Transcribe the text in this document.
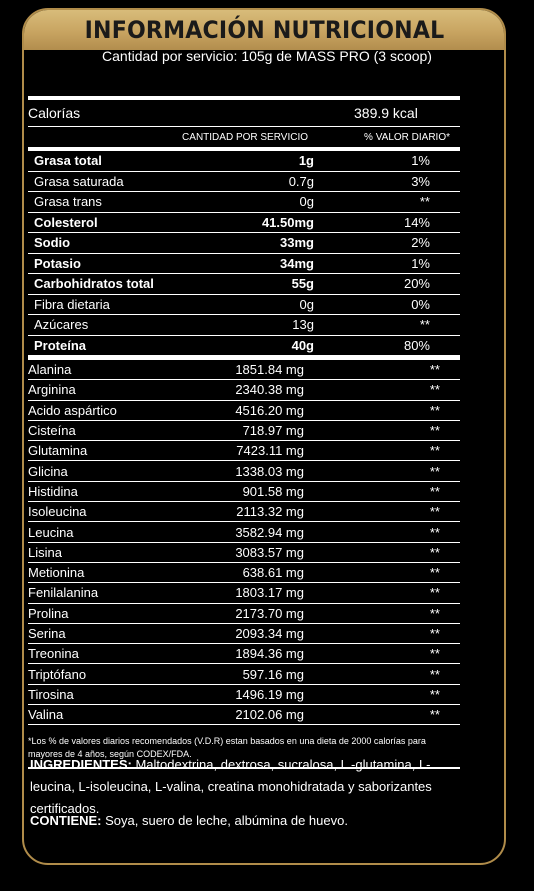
INFORMACIÓN NUTRICIONAL
Cantidad por servicio: 105g de MASS PRO (3 scoop)
Calorías	389.9 kcal
CANTIDAD POR SERVICIO	% VALOR DIARIO*
Grasa total	1g	1%
Grasa saturada	0.7g	3%
Grasa trans	0g	**
Colesterol	41.50mg	14%
Sodio	33mg	2%
Potasio	34mg	1%
Carbohidratos total	55g	20%
Fibra dietaria	0g	0%
Azúcares	13g	**
Proteína	40g	80%
Alanina	1851.84 mg	**
Arginina	2340.38 mg	**
Acido aspártico	4516.20 mg	**
Cisteína	718.97 mg	**
Glutamina	7423.11 mg	**
Glicina	1338.03 mg	**
Histidina	901.58 mg	**
Isoleucina	2113.32 mg	**
Leucina	3582.94 mg	**
Lisina	3083.57 mg	**
Metionina	638.61 mg	**
Fenilalanina	1803.17 mg	**
Prolina	2173.70 mg	**
Serina	2093.34 mg	**
Treonina	1894.36 mg	**
Triptófano	597.16 mg	**
Tirosina	1496.19 mg	**
Valina	2102.06 mg	**
*Los % de valores diarios recomendados (V.D.R) estan basados en una dieta de 2000 calorías para mayores de 4 años, según CODEX/FDA.
INGREDIENTES: Maltodextrina, dextrosa, sucralosa, L -glutamina, L-leucina, L-isoleucina, L-valina, creatina monohidratada y saborizantes certificados.
CONTIENE: Soya, suero de leche, albúmina de huevo.
